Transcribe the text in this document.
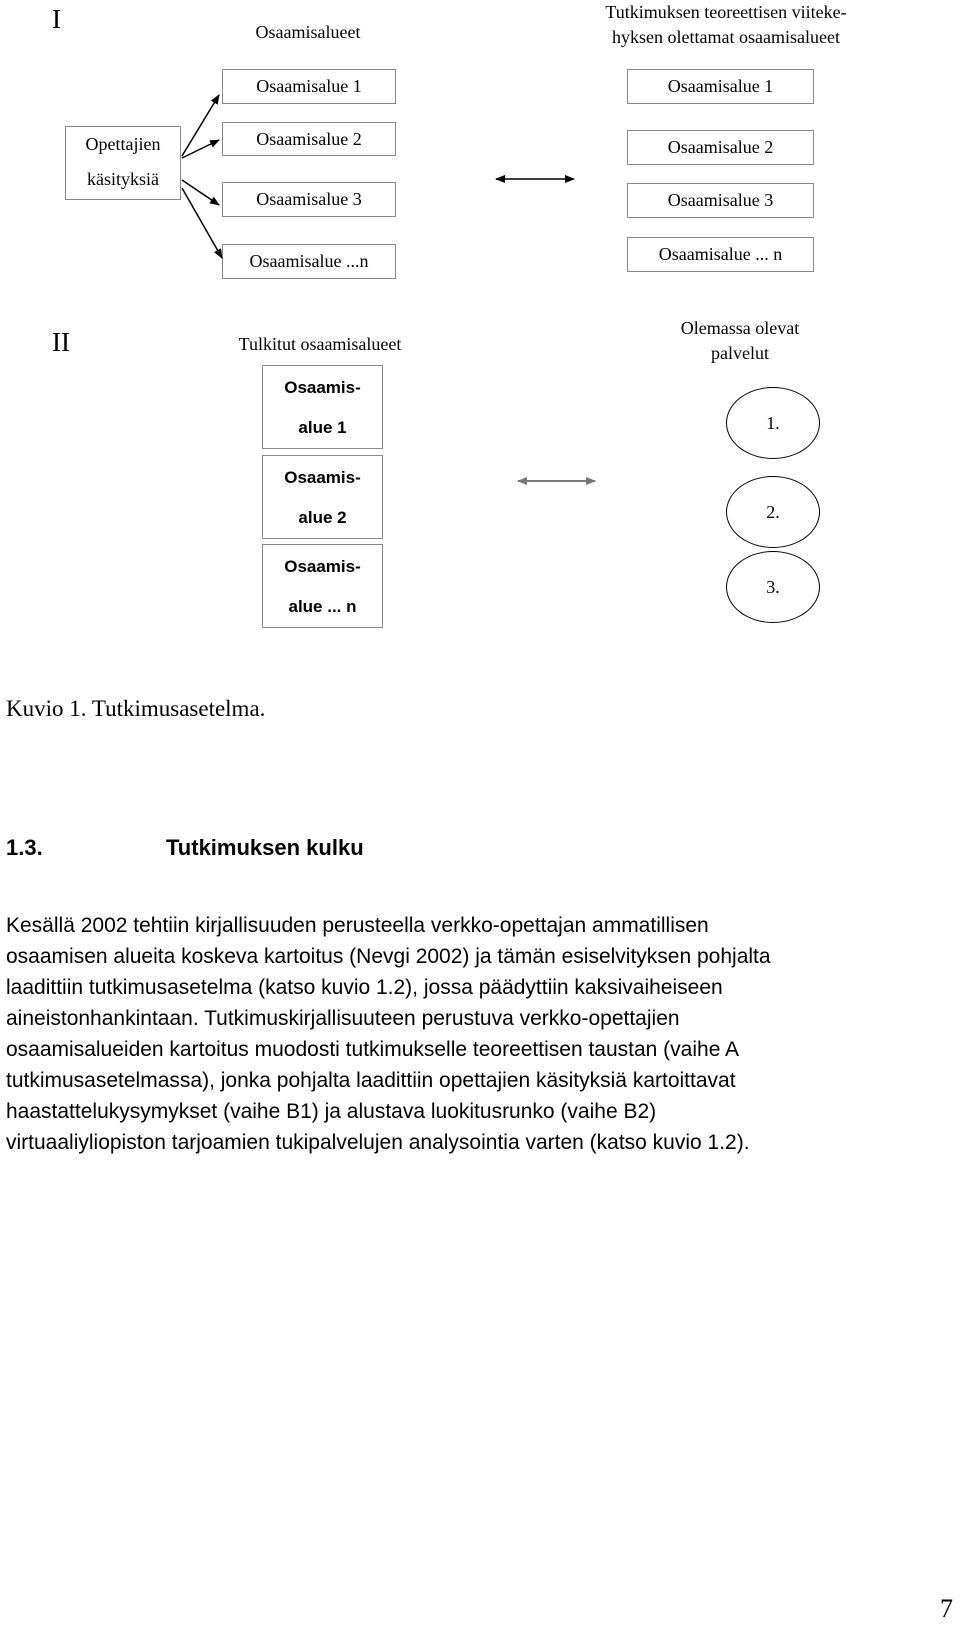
I	Osaamisalueet
Tutkimuksen teoreettisen viiteke-
hyksen olettamat osaamisalueet
Opettajien
käsityksiä
Osaamisalue 1
Osaamisalue 2
Osaamisalue 3
Osaamisalue ...n
Osaamisalue 1
Osaamisalue 2
Osaamisalue 3
Osaamisalue ... n
II	Tulkitut osaamisalueet
Olemassa olevat
palvelut
Osaamis-
alue 1
Osaamis-
alue 2
Osaamis-
alue ... n
1.
2.
3.
Kuvio 1. Tutkimusasetelma.
1.3.	Tutkimuksen kulku
Kesällä 2002 tehtiin kirjallisuuden perusteella verkko-opettajan ammatillisen
osaamisen alueita koskeva kartoitus (Nevgi 2002) ja tämän esiselvityksen pohjalta
laadittiin tutkimusasetelma (katso kuvio 1.2), jossa päädyttiin kaksivaiheiseen
aineistonhankintaan. Tutkimuskirjallisuuteen perustuva verkko-opettajien
osaamisalueiden kartoitus muodosti tutkimukselle teoreettisen taustan (vaihe A
tutkimusasetelmassa), jonka pohjalta laadittiin opettajien käsityksiä kartoittavat
haastattelukysymykset (vaihe B1) ja alustava luokitusrunko (vaihe B2)
virtuaaliyliopiston tarjoamien tukipalvelujen analysointia varten (katso kuvio 1.2).
7
